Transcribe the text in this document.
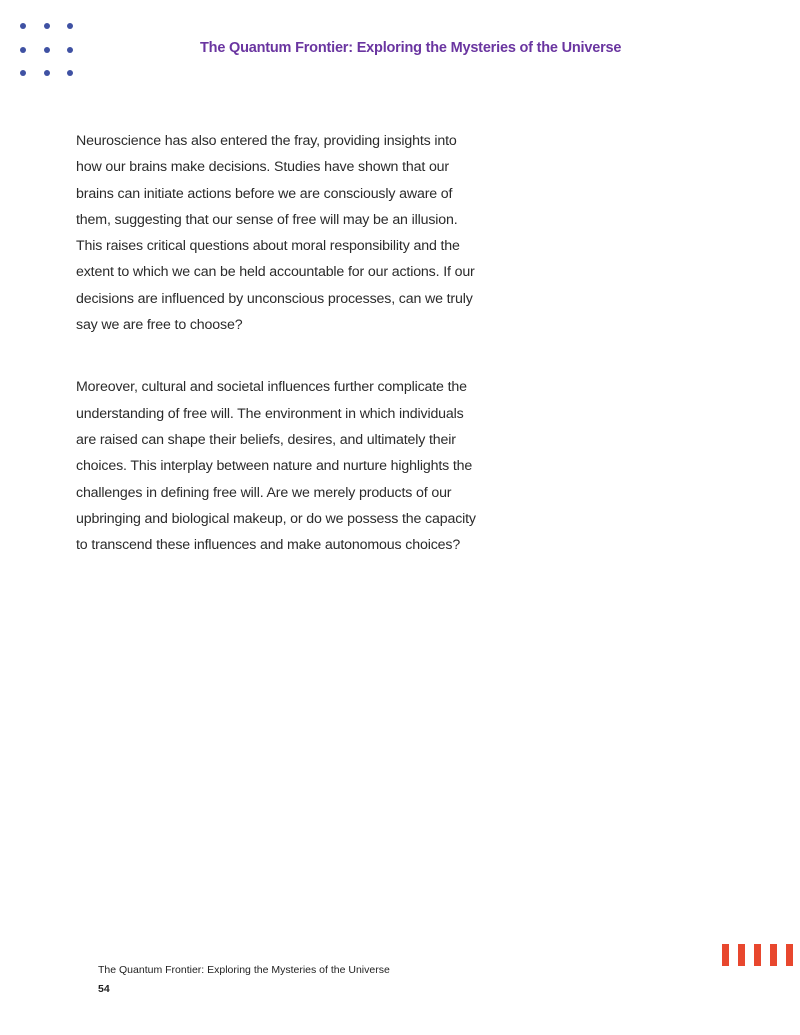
The Quantum Frontier: Exploring the Mysteries of the Universe

Neuroscience has also entered the fray, providing insights into how our brains make decisions. Studies have shown that our brains can initiate actions before we are consciously aware of them, suggesting that our sense of free will may be an illusion. This raises critical questions about moral responsibility and the extent to which we can be held accountable for our actions. If our decisions are influenced by unconscious processes, can we truly say we are free to choose?

Moreover, cultural and societal influences further complicate the understanding of free will. The environment in which individuals are raised can shape their beliefs, desires, and ultimately their choices. This interplay between nature and nurture highlights the challenges in defining free will. Are we merely products of our upbringing and biological makeup, or do we possess the capacity to transcend these influences and make autonomous choices?

The Quantum Frontier: Exploring the Mysteries of the Universe
54
